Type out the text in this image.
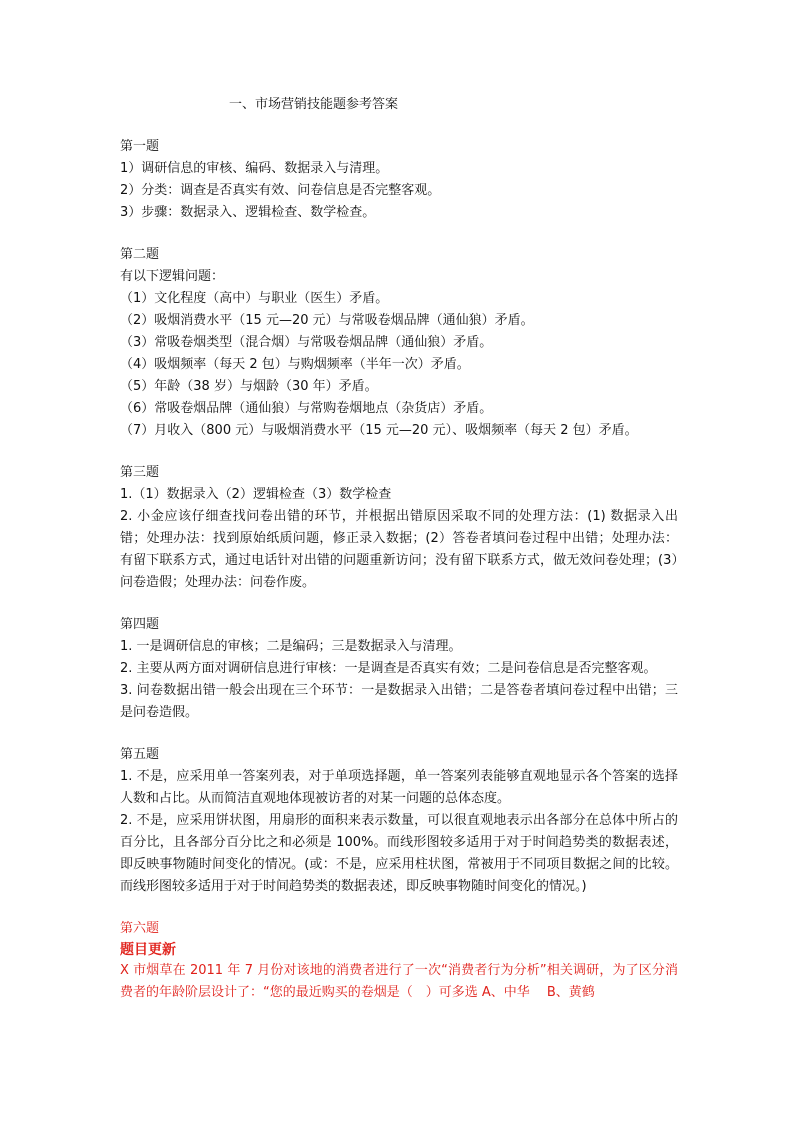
一、市场营销技能题参考答案
第一题
1）调研信息的审核、编码、数据录入与清理。
2）分类：调查是否真实有效、问卷信息是否完整客观。
3）步骤：数据录入、逻辑检查、数学检查。
第二题
有以下逻辑问题：
（1）文化程度（高中）与职业（医生）矛盾。
（2）吸烟消费水平（15 元—20 元）与常吸卷烟品牌（通仙狼）矛盾。
（3）常吸卷烟类型（混合烟）与常吸卷烟品牌（通仙狼）矛盾。
（4）吸烟频率（每天 2 包）与购烟频率（半年一次）矛盾。
（5）年龄（38 岁）与烟龄（30 年）矛盾。
（6）常吸卷烟品牌（通仙狼）与常购卷烟地点（杂货店）矛盾。
（7）月收入（800 元）与吸烟消费水平（15 元—20 元）、吸烟频率（每天 2 包）矛盾。
第三题
1.（1）数据录入（2）逻辑检查（3）数学检查
2. 小金应该仔细查找问卷出错的环节，并根据出错原因采取不同的处理方法：(1) 数据录入出错；处理办法：找到原始纸质问题，修正录入数据；(2）答卷者填问卷过程中出错；处理办法：有留下联系方式，通过电话针对出错的问题重新访问；没有留下联系方式，做无效问卷处理；(3）问卷造假；处理办法：问卷作废。
第四题
1. 一是调研信息的审核；二是编码；三是数据录入与清理。
2. 主要从两方面对调研信息进行审核：一是调查是否真实有效；二是问卷信息是否完整客观。
3. 问卷数据出错一般会出现在三个环节：一是数据录入出错；二是答卷者填问卷过程中出错；三是问卷造假。
第五题
1. 不是，应采用单一答案列表，对于单项选择题，单一答案列表能够直观地显示各个答案的选择人数和占比。从而简洁直观地体现被访者的对某一问题的总体态度。
2. 不是，应采用饼状图，用扇形的面积来表示数量，可以很直观地表示出各部分在总体中所占的百分比，且各部分百分比之和必须是 100%。而线形图较多适用于对于时间趋势类的数据表述，即反映事物随时间变化的情况。(或：不是，应采用柱状图，常被用于不同项目数据之间的比较。而线形图较多适用于对于时间趋势类的数据表述，即反映事物随时间变化的情况。)
第六题
题目更新
X 市烟草在 2011 年 7 月份对该地的消费者进行了一次“消费者行为分析”相关调研，为了区分消费者的年龄阶层设计了：“您的最近购买的卷烟是（　）可多选 A、中华　 B、黄鹤
